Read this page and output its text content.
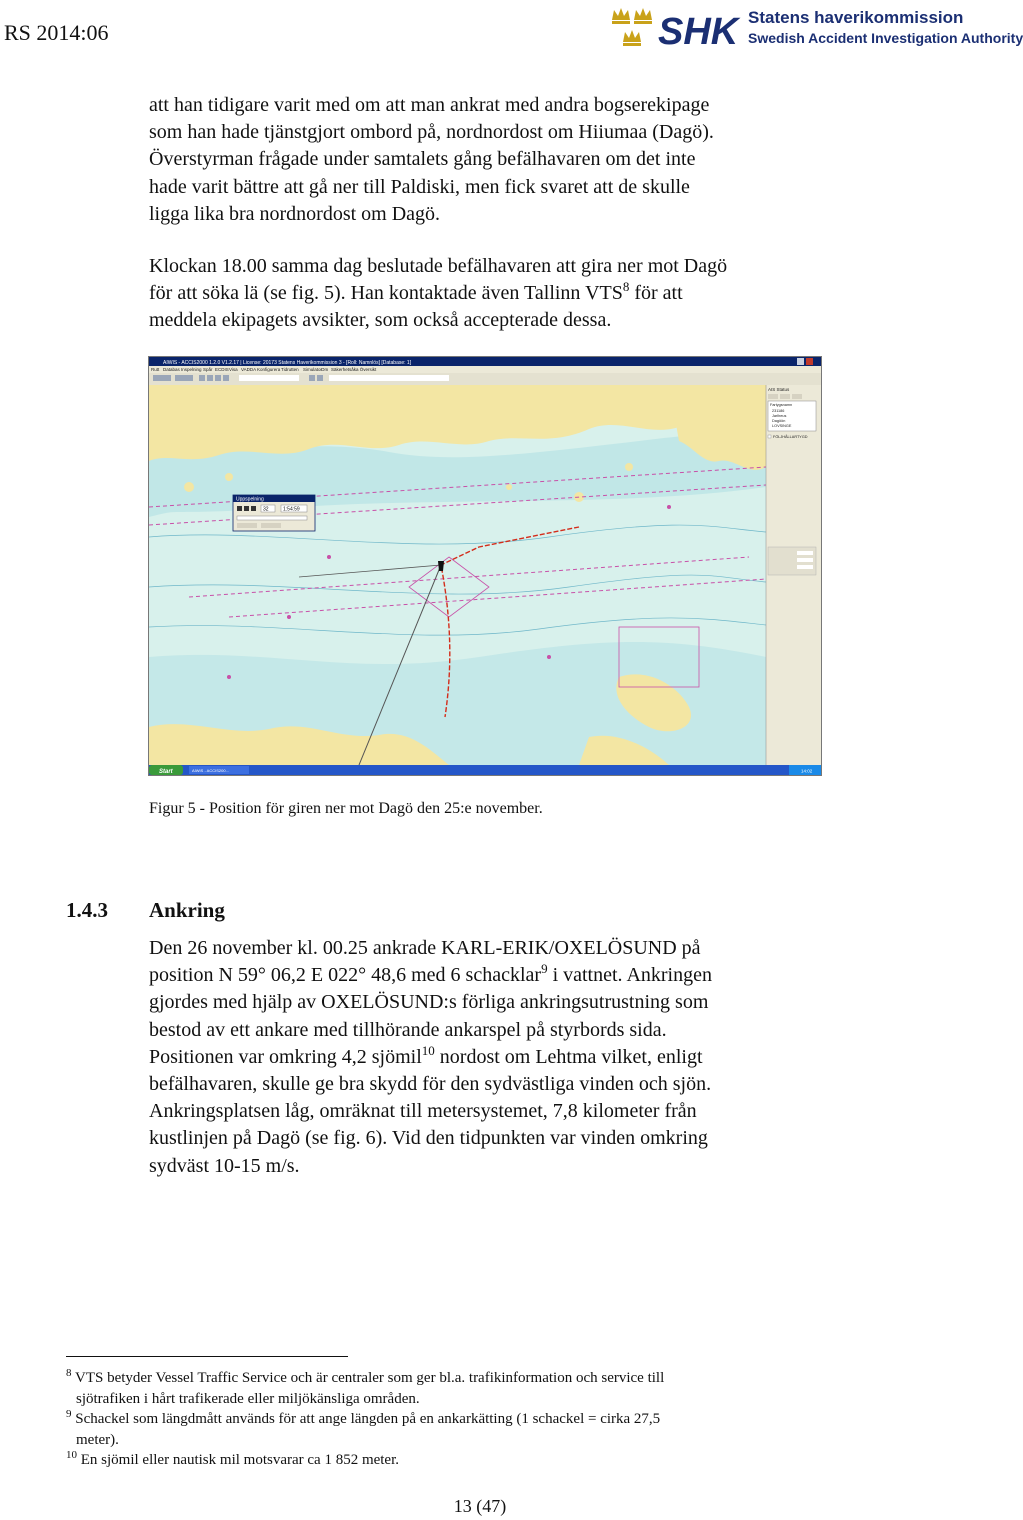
RS 2014:06	SHK Statens haverikommission
Swedish Accident Investigation Authority

att han tidigare varit med om att man ankrat med andra bogserekipage
som han hade tjänstgjort ombord på, nordnordost om Hiiumaa (Dagö).
Överstyrman frågade under samtalets gång befälhavaren om det inte
hade varit bättre att gå ner till Paldiski, men fick svaret att de skulle
ligga lika bra nordnordost om Dagö.

Klockan 18.00 samma dag beslutade befälhavaren att gira ner mot Dagö
för att söka lä (se fig. 5). Han kontaktade även Tallinn VTS$^8$ för att
meddela ekipagets avsikter, som också accepterade dessa.

AIWIS - ACCIS2000 1.2.0 V1.2.17 | License: 20173 Statens Haverikommission 3 - [Roll: Namnlös] [Database: 1]
Rutt Databas Inspelning Spår ECDIS Visa VADDA Konfigurera Tidrutten Simulator
Om Säkerhetsåka Översikt
Uppspelning
32	1:54:59
AIS Status
Fartygsnamn
231186
Jarlheus
Dagöön
LOVSINGE
FÖLJHÅLLARTYGD
Start	AIWIS - ACCIS200...	14:02

Figur 5 - Position för giren ner mot Dagö den 25:e november.

1.4.3 Ankring

Den 26 november kl. 00.25 ankrade KARL-ERIK/OXELÖSUND på
position N 59° 06,2 E 022° 48,6 med 6 schacklar$^9$ i vattnet. Ankringen
gjordes med hjälp av OXELÖSUND:s förliga ankringsutrustning som
bestod av ett ankare med tillhörande ankarspel på styrbords sida.
Positionen var omkring 4,2 sjömil$^{10}$ nordost om Lehtma vilket, enligt
befälhavaren, skulle ge bra skydd för den sydvästliga vinden och sjön.
Ankringsplatsen låg, omräknat till metersystemet, 7,8 kilometer från
kustlinjen på Dagö (se fig. 6). Vid den tidpunkten var vinden omkring
sydväst 10-15 m/s.

$^8$ VTS betyder Vessel Traffic Service och är centraler som ger bl.a. trafikinformation och service till
sjötrafiken i hårt trafikerade eller miljökänsliga områden.

$^9$ Schackel som längdmått används för att ange längden på en ankarkätting (1 schackel = cirka 27,5
meter).

$^{10}$ En sjömil eller nautisk mil motsvarar ca 1 852 meter.

13 (47)
